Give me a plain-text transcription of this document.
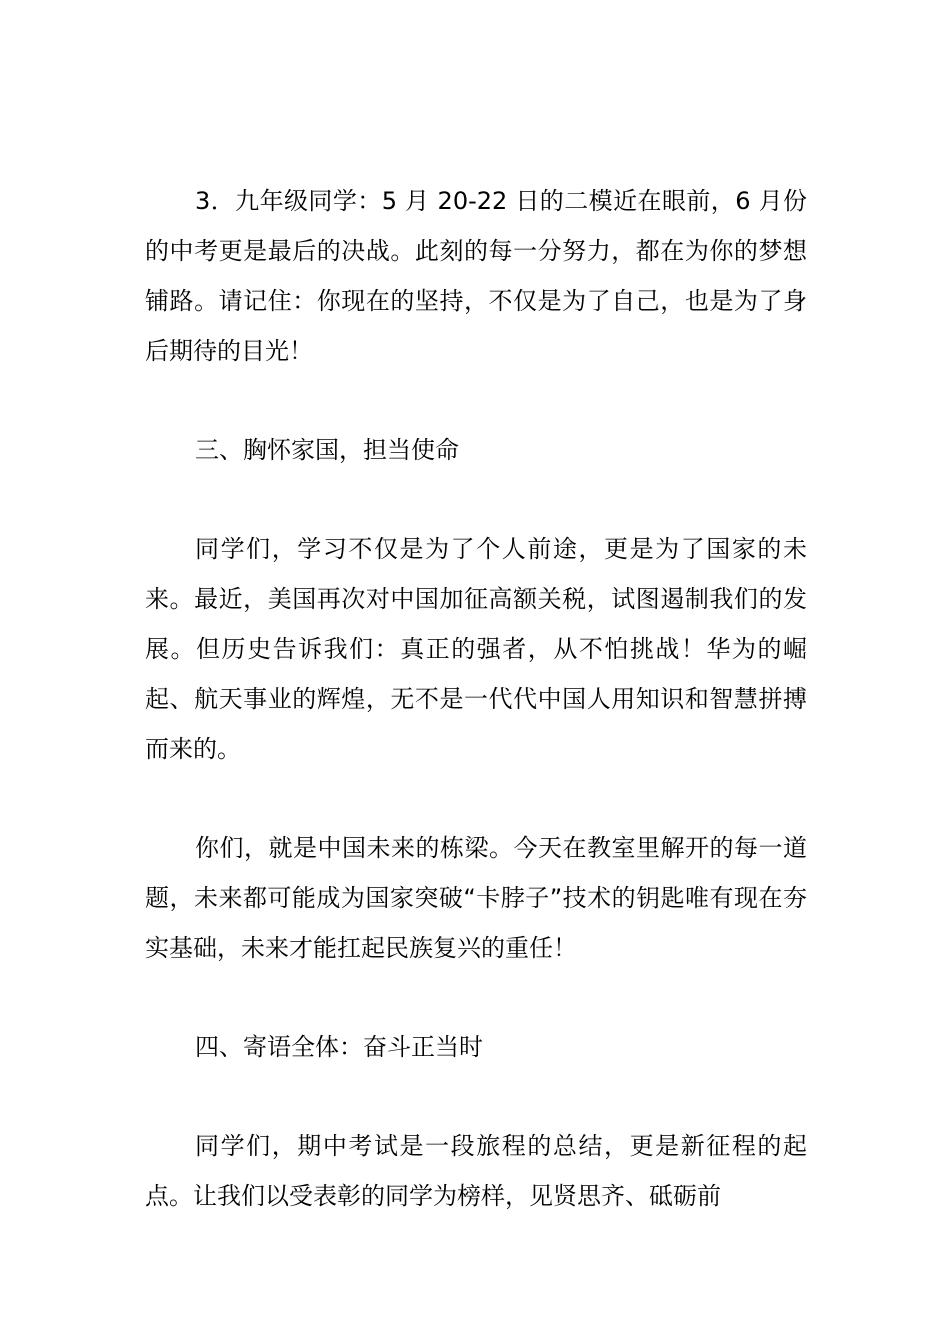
3．九年级同学：5 月 20-22 日的二模近在眼前，6 月份的中考更是最后的决战。此刻的每一分努力，都在为你的梦想铺路。请记住：你现在的坚持，不仅是为了自己，也是为了身后期待的目光！

三、胸怀家国，担当使命

同学们，学习不仅是为了个人前途，更是为了国家的未来。最近，美国再次对中国加征高额关税，试图遏制我们的发展。但历史告诉我们：真正的强者，从不怕挑战！华为的崛起、航天事业的辉煌，无不是一代代中国人用知识和智慧拼搏而来的。

你们，就是中国未来的栋梁。今天在教室里解开的每一道题，未来都可能成为国家突破“卡脖子”技术的钥匙唯有现在夯实基础，未来才能扛起民族复兴的重任！

四、寄语全体：奋斗正当时

同学们，期中考试是一段旅程的总结，更是新征程的起点。让我们以受表彰的同学为榜样，见贤思齐、砥砺前
